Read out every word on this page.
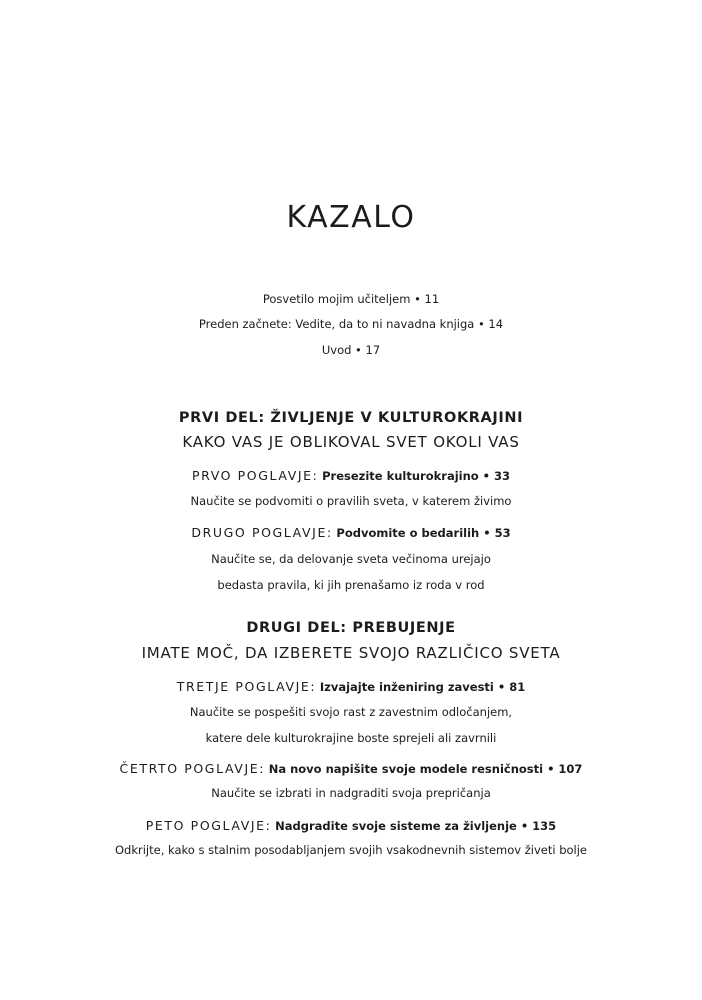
KAZALO
Posvetilo mojim učiteljem • 11
Preden začnete: Vedite, da to ni navadna knjiga • 14
Uvod • 17
PRVI DEL: ŽIVLJENJE V KULTUROKRAJINI
KAKO VAS JE OBLIKOVAL SVET OKOLI VAS
PRVO POGLAVJE: Presezite kulturokrajino • 33
Naučite se podvomiti o pravilih sveta, v katerem živimo
DRUGO POGLAVJE: Podvomite o bedarilih • 53
Naučite se, da delovanje sveta večinoma urejajo
bedasta pravila, ki jih prenašamo iz roda v rod
DRUGI DEL: PREBUJENJE
IMATE MOČ, DA IZBERETE SVOJO RAZLIČICO SVETA
TRETJE POGLAVJE: Izvajajte inženiring zavesti • 81
Naučite se pospešiti svojo rast z zavestnim odločanjem,
katere dele kulturokrajine boste sprejeli ali zavrnili
ČETRTO POGLAVJE: Na novo napišite svoje modele resničnosti • 107
Naučite se izbrati in nadgraditi svoja prepričanja
PETO POGLAVJE: Nadgradite svoje sisteme za življenje • 135
Odkrijte, kako s stalnim posodabljanjem svojih vsakodnevnih sistemov živeti bolje
